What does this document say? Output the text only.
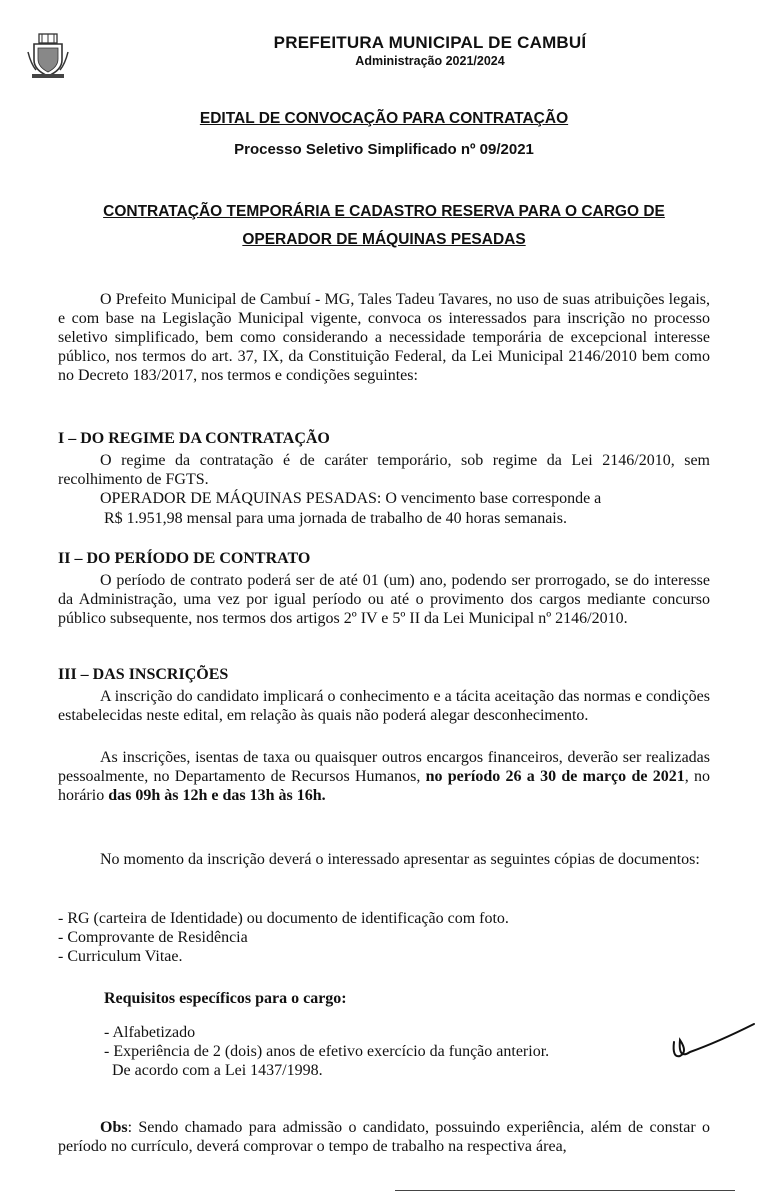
PREFEITURA MUNICIPAL DE CAMBUÍ
Administração 2021/2024
EDITAL DE CONVOCAÇÃO PARA CONTRATAÇÃO
Processo Seletivo Simplificado nº 09/2021
CONTRATAÇÃO TEMPORÁRIA E CADASTRO RESERVA PARA O CARGO DE
OPERADOR DE MÁQUINAS PESADAS
O Prefeito Municipal de Cambuí - MG, Tales Tadeu Tavares, no uso de suas atribuições legais, e com base na Legislação Municipal vigente, convoca os interessados para inscrição no processo seletivo simplificado, bem como considerando a necessidade temporária de excepcional interesse público, nos termos do art. 37, IX, da Constituição Federal, da Lei Municipal 2146/2010 bem como no Decreto 183/2017, nos termos e condições seguintes:
I – DO REGIME DA CONTRATAÇÃO
O regime da contratação é de caráter temporário, sob regime da Lei 2146/2010, sem recolhimento de FGTS.
OPERADOR DE MÁQUINAS PESADAS: O vencimento base corresponde a
R$ 1.951,98 mensal para uma jornada de trabalho de 40 horas semanais.
II – DO PERÍODO DE CONTRATO
O período de contrato poderá ser de até 01 (um) ano, podendo ser prorrogado, se do interesse da Administração, uma vez por igual período ou até o provimento dos cargos mediante concurso público subsequente, nos termos dos artigos 2º IV e 5º II da Lei Municipal nº 2146/2010.
III – DAS INSCRIÇÕES
A inscrição do candidato implicará o conhecimento e a tácita aceitação das normas e condições estabelecidas neste edital, em relação às quais não poderá alegar desconhecimento.
As inscrições, isentas de taxa ou quaisquer outros encargos financeiros, deverão ser realizadas pessoalmente, no Departamento de Recursos Humanos, no período 26 a 30 de março de 2021, no horário das 09h às 12h e das 13h às 16h.
No momento da inscrição deverá o interessado apresentar as seguintes cópias de documentos:
- RG (carteira de Identidade) ou documento de identificação com foto.
- Comprovante de Residência
- Curriculum Vitae.
Requisitos específicos para o cargo:
- Alfabetizado
- Experiência de 2 (dois) anos de efetivo exercício da função anterior.
De acordo com a Lei 1437/1998.
Obs: Sendo chamado para admissão o candidato, possuindo experiência, além de constar o período no currículo, deverá comprovar o tempo de trabalho na respectiva área,
